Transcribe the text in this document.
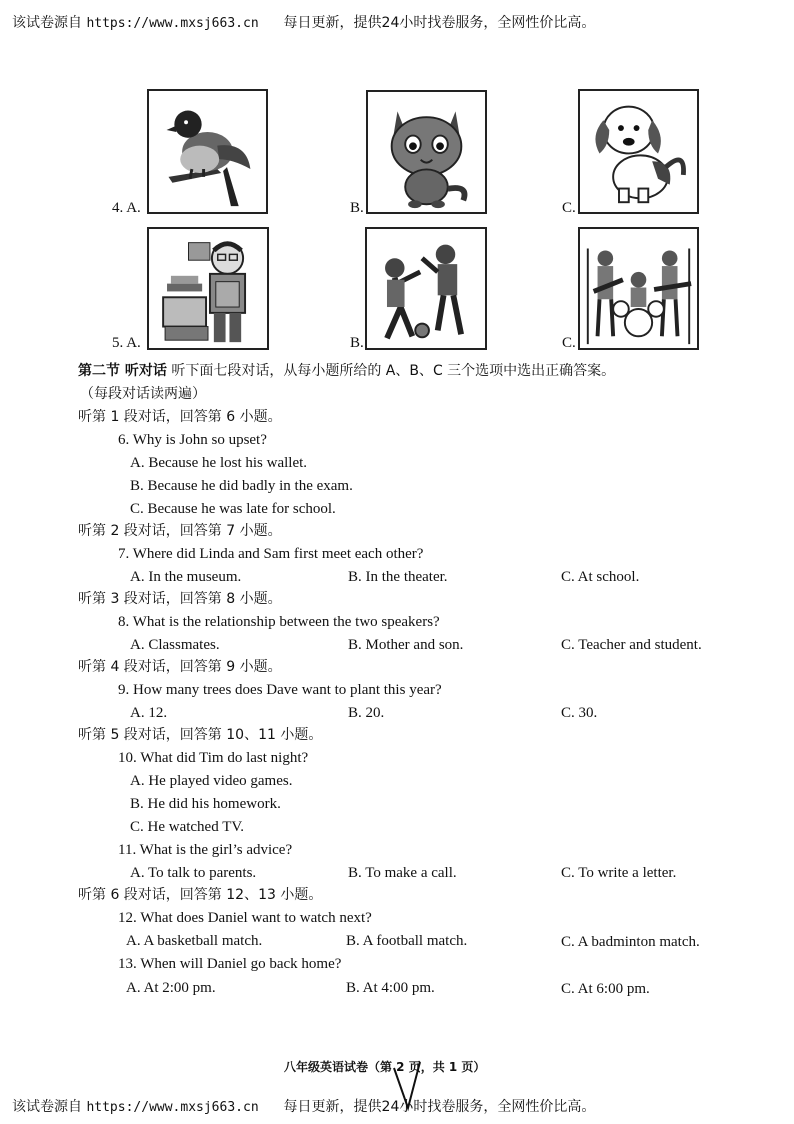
该试卷源自 https://www.mxsj663.cn 每日更新，提供24小时找卷服务，全网性价比高。
4. A.	B.	C.
5. A.	B.	C.
第二节 听对话 听下面七段对话，从每小题所给的 A、B、C 三个选项中选出正确答案。
（每段对话读两遍）
听第 1 段对话，回答第 6 小题。
6. Why is John so upset?
A. Because he lost his wallet.
B. Because he did badly in the exam.
C. Because he was late for school.
听第 2 段对话，回答第 7 小题。
7. Where did Linda and Sam first meet each other?
A. In the museum.	B. In the theater.	C. At school.
听第 3 段对话，回答第 8 小题。
8. What is the relationship between the two speakers?
A. Classmates.	B. Mother and son.	C. Teacher and student.
听第 4 段对话，回答第 9 小题。
9. How many trees does Dave want to plant this year?
A. 12.	B. 20.	C. 30.
听第 5 段对话，回答第 10、11 小题。
10. What did Tim do last night?
A. He played video games.
B. He did his homework.
C. He watched TV.
11. What is the girl’s advice?
A. To talk to parents.	B. To make a call.	C. To write a letter.
听第 6 段对话，回答第 12、13 小题。
12. What does Daniel want to watch next?
A. A basketball match.	B. A football match.	C. A badminton match.
13. When will Daniel go back home?
A. At 2:00 pm.	B. At 4:00 pm.	C. At 6:00 pm.
八年级英语试卷（第 2 页，共 1 页）
该试卷源自 https://www.mxsj663.cn 每日更新，提供24小时找卷服务，全网性价比高。
